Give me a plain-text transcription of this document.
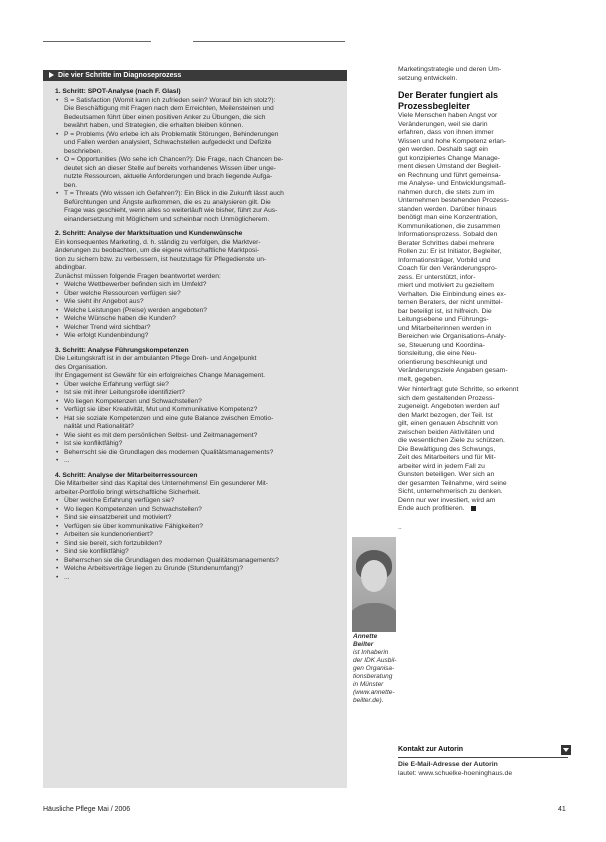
Die vier Schritte im Diagnoseprozess
1. Schritt: SPOT-Analyse (nach F. Glasl)
• S = Satisfaction (Womit kann ich zufrieden sein? Worauf bin ich stolz?):
Die Beschäftigung mit Fragen nach dem Erreichten, Meilensteinen und
Bedeutsamen führt über einen positiven Anker zu Übungen, die sich
bewährt haben, und Strategien, die erhalten bleiben können.
• P = Problems (Wo erlebe ich als Problematik Störungen, Behinderungen
und Fallen werden analysiert, Schwachstellen aufgedeckt und Defizite
beschrieben.
• O = Opportunities (Wo sehe ich Chancen?): Die Frage, nach Chancen be-
deutet sich an dieser Stelle auf bereits vorhandenes Wissen über unge-
nutzte Ressourcen, aktuelle Anforderungen und brach liegende Aufga-
ben.
• T = Threats (Wo wissen ich Gefahren?): Ein Blick in die Zukunft lässt auch
Befürchtungen und Ängste aufkommen, die es zu analysieren gilt. Die
Frage was geschieht, wenn alles so weiterläuft wie bisher, führt zur Aus-
einandersetzung mit Möglichem und scheinbar noch Unmöglicherem.
2. Schritt: Analyse der Marktsituation und Kundenwünsche
Ein konsequentes Marketing, d. h. ständig zu verfolgen, die Marktver-
änderungen zu beobachten, um die eigene wirtschaftliche Marktposi-
tion zu sichern bzw. zu verbessern, ist heutzutage für Pflegedienste un-
abdingbar.
Zunächst müssen folgende Fragen beantwortet werden:
• Welche Wettbewerber befinden sich im Umfeld?
• Über welche Ressourcen verfügen sie?
• Wie sieht ihr Angebot aus?
• Welche Leistungen (Preise) werden angeboten?
• Welche Wünsche haben die Kunden?
• Welcher Trend wird sichtbar?
• Wie erfolgt Kundenbindung?
3. Schritt: Analyse Führungskompetenzen
Die Leitungskraft ist in der ambulanten Pflege Dreh- und Angelpunkt
des Organisation.
Ihr Engagement ist Gewähr für ein erfolgreiches Change Management.
• Über welche Erfahrung verfügt sie?
• Ist sie mit ihrer Leitungsrolle identifiziert?
• Wo liegen Kompetenzen und Schwachstellen?
• Verfügt sie über Kreativität, Mut und Kommunikative Kompetenz?
• Hat sie soziale Kompetenzen und eine gute Balance zwischen Emotio-
nalität und Rationalität?
• Wie sieht es mit dem persönlichen Selbst- und Zeitmanagement?
• Ist sie konfliktfähig?
• Beherrscht sie die Grundlagen des modernen Qualitätsmanagements?
• ...
4. Schritt: Analyse der Mitarbeiterressourcen
Die Mitarbeiter sind das Kapital des Unternehmens! Ein gesunderer Mit-
arbeiter-Portfolio bringt wirtschaftliche Sicherheit.
• Über welche Erfahrung verfügen sie?
• Wo liegen Kompetenzen und Schwachstellen?
• Sind sie einsatzbereit und motiviert?
• Verfügen sie über kommunikative Fähigkeiten?
• Arbeiten sie kundenorientiert?
• Sind sie bereit, sich fortzubilden?
• Sind sie konfliktfähig?
• Beherrschen sie die Grundlagen des modernen Qualitätsmanagements?
• Welche Arbeitsverträge liegen zu Grunde (Stundenumfang)?
• ...
Marketingstrategie und deren Um-
setzung entwickeln.
Der Berater fungiert als
Prozessbegleiter
Viele Menschen haben Angst vor
Veränderungen, weil sie darin
erfahren, dass von ihnen immer
Wissen und hohe Kompetenz erlan-
gen werden. Deshalb sagt ein
gut konzipiertes Change Manage-
ment diesen Umstand der Begleit-
en Rechnung und führt gemeinsa-
me Analyse- und Entwicklungsmaß-
nahmen durch, die stets zum im
Unternehmen bestehenden Prozess-
standen werden. Darüber hinaus
benötigt man eine Konzentration,
Kommunikationen, die zusammen
Informationsprozess. Sobald den
Berater Schrittes dabei mehrere
Rollen zu: Er ist Initiator, Begleiter,
Informationsträger, Vorbild und
Coach für den Veränderungspro-
zess. Er unterstützt, infor-
miert und motiviert zu gezieltem
Verhalten. Die Einbindung eines ex-
ternen Beraters, der nicht unmittel-
bar beteiligt ist, ist hilfreich. Die
Leitungsebene und Führungs-
und Mitarbeiterinnen werden in
Bereichen wie Organisations-Analy-
se, Steuerung und Koordina-
tionsleitung, die eine Neu-
orientierung beschleunigt und
Veränderungsziele Angaben gesam-
melt, gegeben.
Wer hinterfragt gute Schritte, so erkennt
sich dem gestaltenden Prozess-
zugeneigt. Angeboten werden auf
den Markt bezogen, der Teil. Ist
gilt, einen genauen Abschnitt von
zwischen beiden Aktivitäten und
die wesentlichen Ziele zu schützen.
Die Bewältigung des Schwungs,
Zeit des Mitarbeiters und für Mit-
arbeiter wird in jedem Fall zu
Gunsten beteiligen. Wer sich an
der gesamten Teilnahme, wird seine
Sicht, unternehmerisch zu denken.
Denn nur wer investiert, wird am
Ende auch profitieren.
..
Annette
Beilter
ist Inhaberin
der IDK Ausbil-
gen Organisa-
tionsberatung
in Münster
(www.annette-
beilter.de).
Kontakt zur Autorin
Die E-Mail-Adresse der Autorin
lautet: www.schuelke-hoeninghaus.de
Häusliche Pflege Mai / 2006	41
